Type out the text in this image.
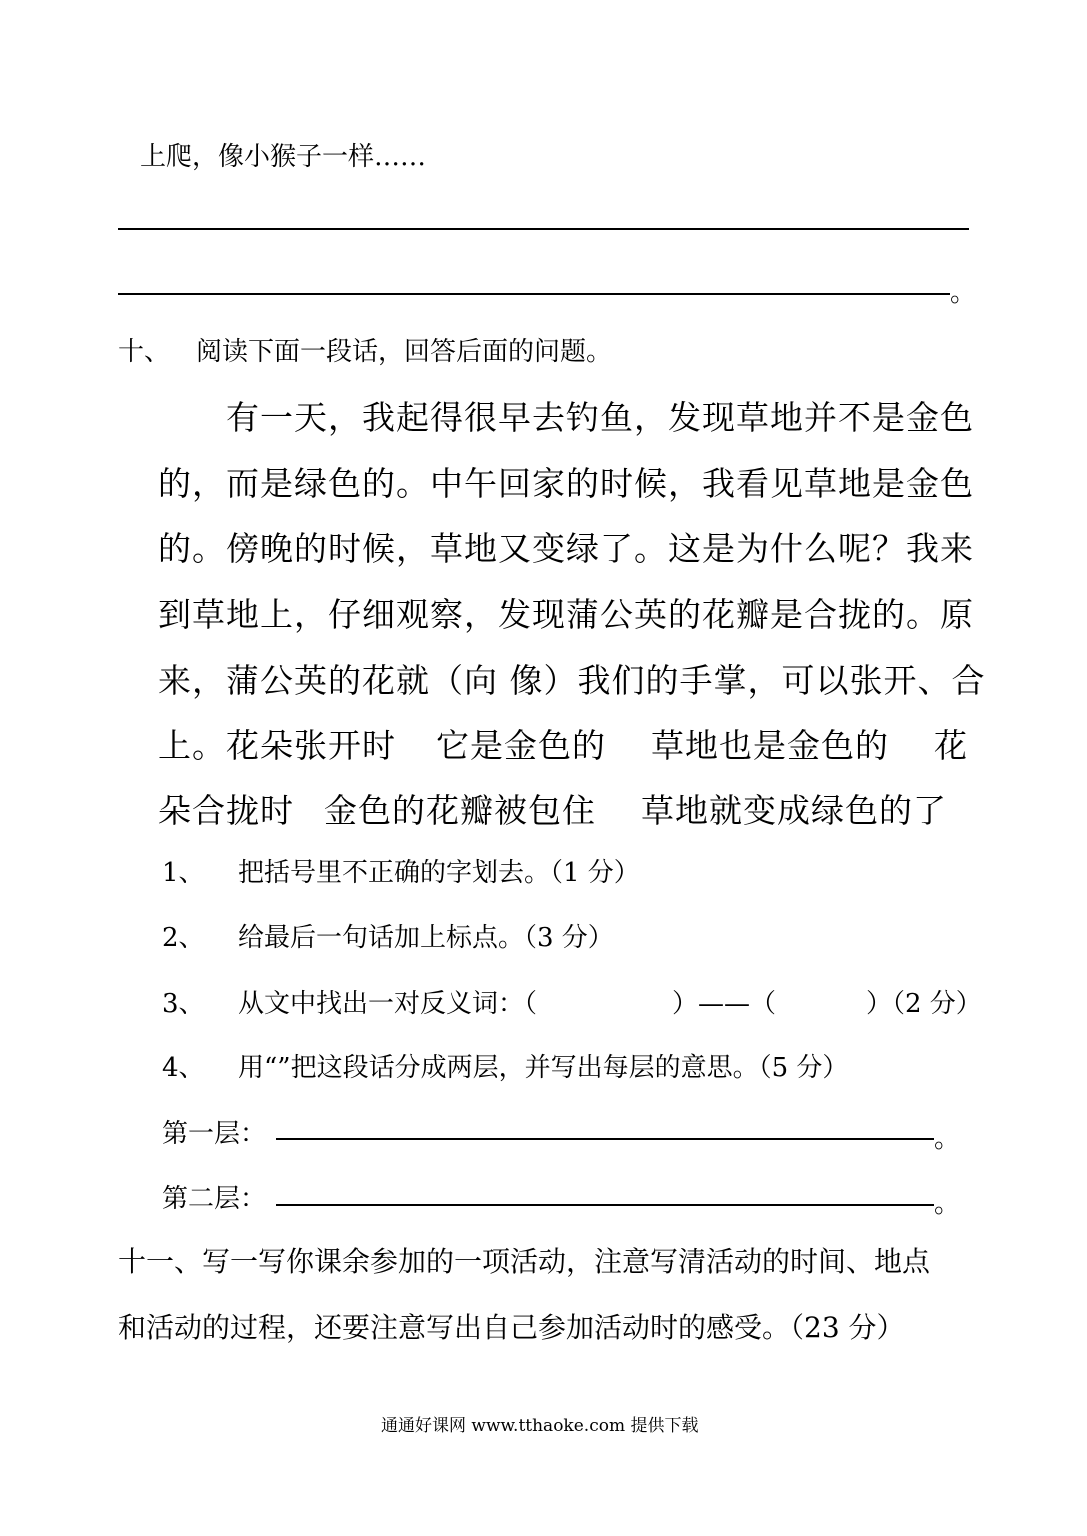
上爬，像小猴子一样……
。
十、 阅读下面一段话，回答后面的问题。
有一天，我起得很早去钓鱼，发现草地并不是金色
的，而是绿色的。中午回家的时候，我看见草地是金色
的。傍晚的时候，草地又变绿了。这是为什么呢？我来
到草地上，仔细观察，发现蒲公英的花瓣是合拢的。原
来，蒲公英的花就（向 像）我们的手掌，可以张开、合
上。花朵张开时 它是金色的 草地也是金色的 花
朵合拢时 金色的花瓣被包住 草地就变成绿色的了
1、 把括号里不正确的字划去。（1 分）
2、 给最后一句话加上标点。（3 分）
3、 从文中找出一对反义词：（	）——（	）（2 分）
4、 用“”把这段话分成两层，并写出每层的意思。（5 分）
第一层：	。
第二层：	。
十一、写一写你课余参加的一项活动，注意写清活动的时间、地点
和活动的过程，还要注意写出自己参加活动时的感受。（23 分）
通通好课网 www.tthaoke.com 提供下载
